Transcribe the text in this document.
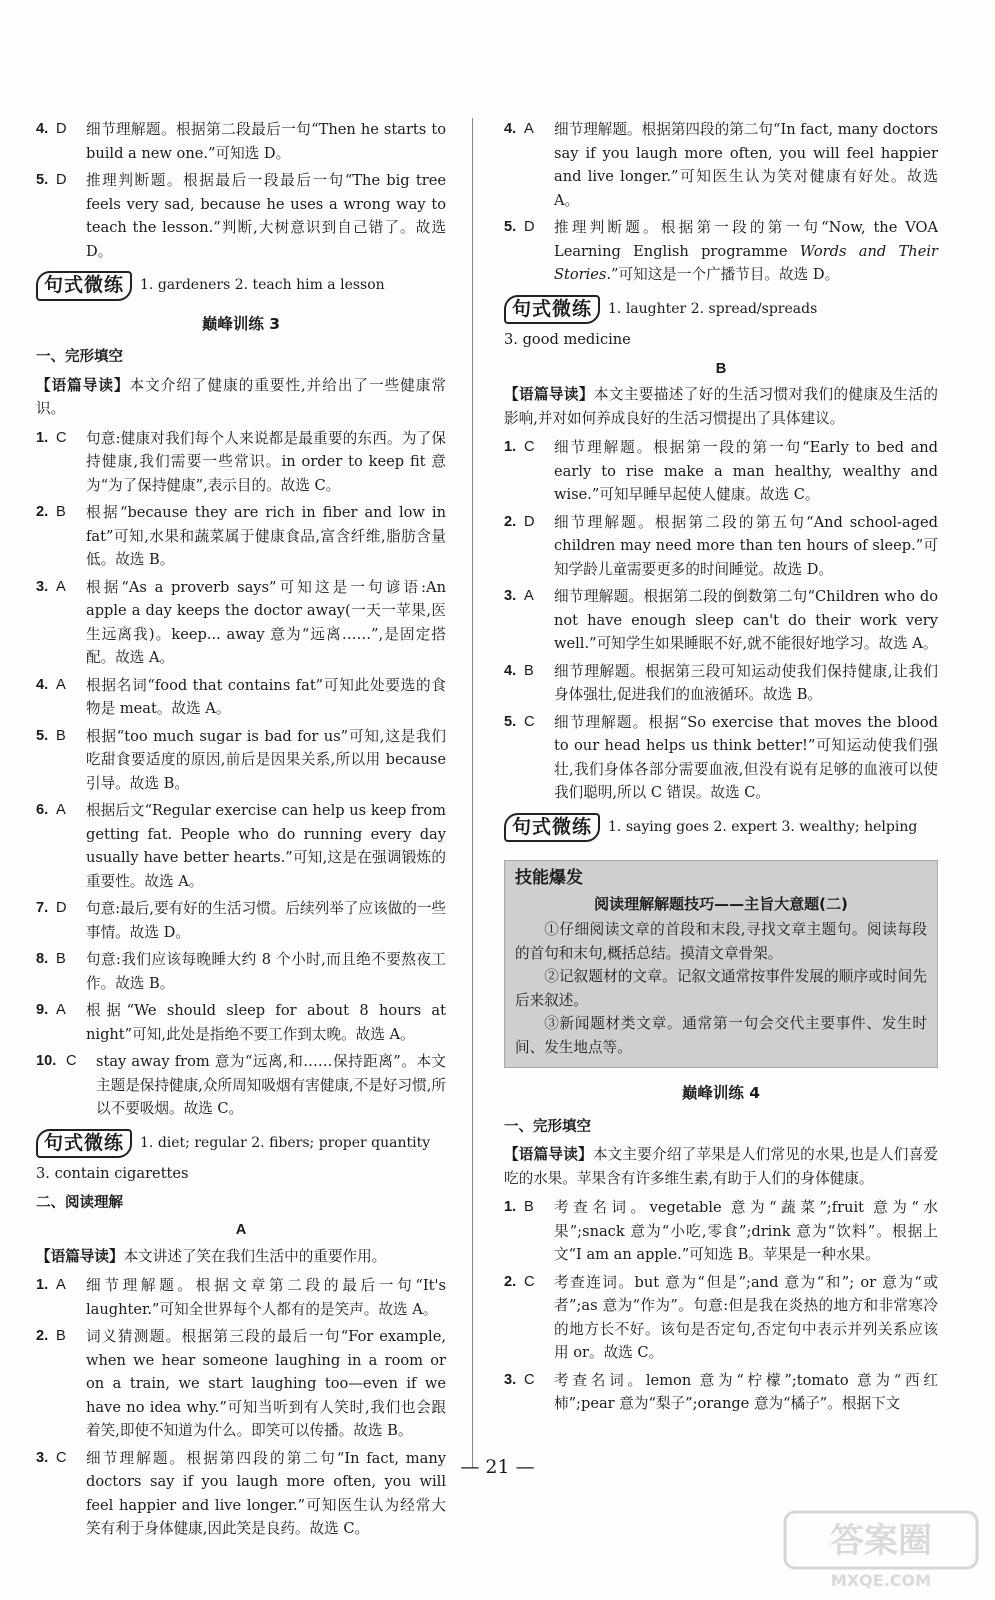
4. D	细节理解题。根据第二段最后一句“Then he starts to build a new one.”可知选 D。
5. D	推理判断题。根据最后一段最后一句“The big tree feels very sad, because he uses a wrong way to teach the lesson.”判断,大树意识到自己错了。故选 D。
句式微练	1. gardeners 2. teach him a lesson
巅峰训练 3
一、完形填空
【语篇导读】本文介绍了健康的重要性,并给出了一些健康常识。
1. C	句意:健康对我们每个人来说都是最重要的东西。为了保持健康,我们需要一些常识。in order to keep fit 意为“为了保持健康”,表示目的。故选 C。
2. B	根据“because they are rich in fiber and low in fat”可知,水果和蔬菜属于健康食品,富含纤维,脂肪含量低。故选 B。
3. A	根据“As a proverb says”可知这是一句谚语:An apple a day keeps the doctor away(一天一苹果,医生远离我)。keep... away 意为“远离……”,是固定搭配。故选 A。
4. A	根据名词“food that contains fat”可知此处要选的食物是 meat。故选 A。
5. B	根据“too much sugar is bad for us”可知,这是我们吃甜食要适度的原因,前后是因果关系,所以用 because 引导。故选 B。
6. A	根据后文“Regular exercise can help us keep from getting fat. People who do running every day usually have better hearts.”可知,这是在强调锻炼的重要性。故选 A。
7. D	句意:最后,要有好的生活习惯。后续列举了应该做的一些事情。故选 D。
8. B	句意:我们应该每晚睡大约 8 个小时,而且绝不要熬夜工作。故选 B。
9. A	根据“We should sleep for about 8 hours at night”可知,此处是指绝不要工作到太晚。故选 A。
10. C	stay away from 意为“远离,和……保持距离”。本文主题是保持健康,众所周知吸烟有害健康,不是好习惯,所以不要吸烟。故选 C。
句式微练	1. diet; regular 2. fibers; proper quantity
3. contain cigarettes
二、阅读理解
A
【语篇导读】本文讲述了笑在我们生活中的重要作用。
1. A	细节理解题。根据文章第二段的最后一句“It's laughter.”可知全世界每个人都有的是笑声。故选 A。
2. B	词义猜测题。根据第三段的最后一句“For example, when we hear someone laughing in a room or on a train, we start laughing too—even if we have no idea why.”可知当听到有人笑时,我们也会跟着笑,即使不知道为什么。即笑可以传播。故选 B。
3. C	细节理解题。根据第四段的第二句“In fact, many doctors say if you laugh more often, you will feel happier and live longer.”可知医生认为经常大笑有利于身体健康,因此笑是良药。故选 C。
4. A	细节理解题。根据第四段的第二句“In fact, many doctors say if you laugh more often, you will feel happier and live longer.”可知医生认为笑对健康有好处。故选 A。
5. D	推理判断题。根据第一段的第一句“Now, the VOA Learning English programme Words and Their Stories.”可知这是一个广播节目。故选 D。
句式微练	1. laughter 2. spread/spreads
3. good medicine
B
【语篇导读】本文主要描述了好的生活习惯对我们的健康及生活的影响,并对如何养成良好的生活习惯提出了具体建议。
1. C	细节理解题。根据第一段的第一句“Early to bed and early to rise make a man healthy, wealthy and wise.”可知早睡早起使人健康。故选 C。
2. D	细节理解题。根据第二段的第五句“And school-aged children may need more than ten hours of sleep.”可知学龄儿童需要更多的时间睡觉。故选 D。
3. A	细节理解题。根据第二段的倒数第二句“Children who do not have enough sleep can't do their work very well.”可知学生如果睡眠不好,就不能很好地学习。故选 A。
4. B	细节理解题。根据第三段可知运动使我们保持健康,让我们身体强壮,促进我们的血液循环。故选 B。
5. C	细节理解题。根据“So exercise that moves the blood to our head helps us think better!”可知运动使我们强壮,我们身体各部分需要血液,但没有说有足够的血液可以使我们聪明,所以 C 错误。故选 C。
句式微练	1. saying goes 2. expert 3. wealthy; helping
技能爆发
阅读理解解题技巧——主旨大意题(二)

①仔细阅读文章的首段和末段,寻找文章主题句。阅读每段的首句和末句,概括总结。摸清文章骨架。

②记叙题材的文章。记叙文通常按事件发展的顺序或时间先后来叙述。

③新闻题材类文章。通常第一句会交代主要事件、发生时间、发生地点等。

巅峰训练 4
一、完形填空
【语篇导读】本文主要介绍了苹果是人们常见的水果,也是人们喜爱吃的水果。苹果含有许多维生素,有助于人们的身体健康。
1. B	考查名词。vegetable 意为“蔬菜”;fruit 意为“水果”;snack 意为“小吃,零食”;drink 意为“饮料”。根据上文“I am an apple.”可知选 B。苹果是一种水果。
2. C	考查连词。but 意为“但是”;and 意为“和”; or 意为“或者”;as 意为“作为”。句意:但是我在炎热的地方和非常寒冷的地方长不好。该句是否定句,否定句中表示并列关系应该用 or。故选 C。
3. C	考查名词。lemon 意为“柠檬”;tomato 意为“西红柿”;pear 意为“梨子”;orange 意为“橘子”。根据下文
— 21 —
答案圈
MXQE.COM
